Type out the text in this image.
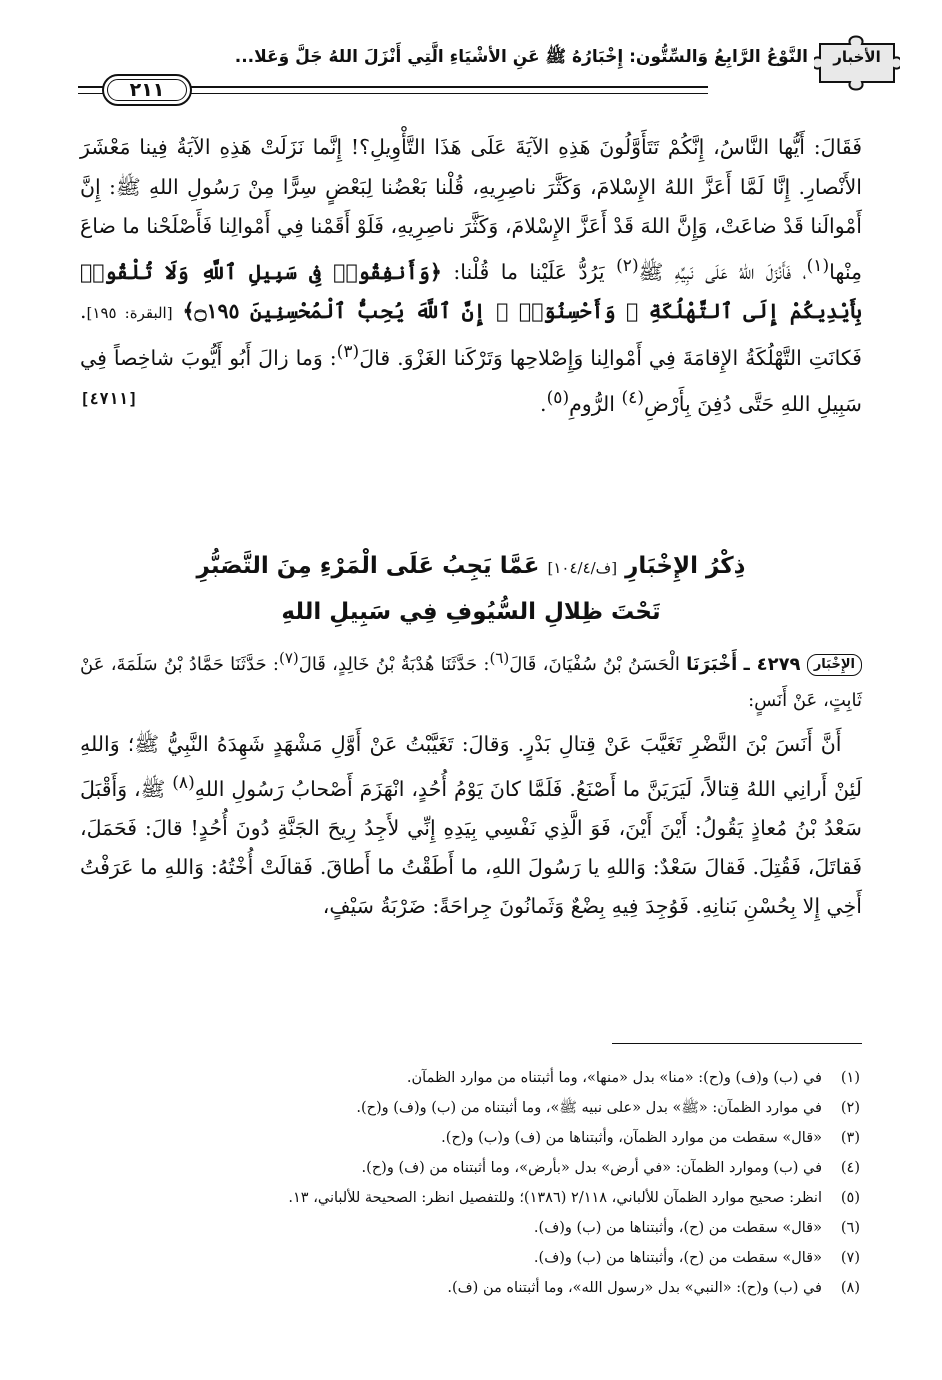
الأخبار
النَّوْعُ الرَّابِعُ وَالسِّتُّون: إِخْبَارُهُ ﷺ عَنِ الأشْيَاءِ الَّتِي أَنْزَلَ اللهُ جَلَّ وَعَلا...
٢١١

فَقَالَ: أَيُّها النَّاسُ، إِنَّكُمْ تَتَأَوَّلُونَ هَذِهِ الآيَةَ عَلَى هَذَا التَّأْوِيلِ؟! إِنَّما نَزَلَتْ هَذِهِ الآيَةُ فِينا مَعْشَرَ الأَنْصارِ. إِنَّا لَمَّا أَعَزَّ اللهُ الإِسْلامَ، وَكَثَّرَ ناصِرِيهِ، قُلْنا بَعْضُنا لِبَعْضٍ سِرًّا مِنْ رَسُولِ اللهِ ﷺ: إِنَّ أَمْوالَنا قَدْ ضاعَتْ، وَإِنَّ اللهَ قَدْ أَعَزَّ الإِسْلامَ، وَكَثَّرَ ناصِرِيهِ، فَلَوْ أَقَمْنا فِي أَمْوالِنا فَأَصْلَحْنا ما ضاعَ مِنْها$^{(١)}$، فَأَنْزَلَ اللهُ عَلَى نَبِيِّهِ ﷺ$^{(٢)}$ يَرُدُّ عَلَيْنا ما قُلْنا: ﴿وَأَنفِقُوا۟ فِى سَبِيلِ ٱللَّهِ وَلَا تُلْقُوا۟ بِأَيْدِيكُمْ إِلَى ٱلتَّهْلُكَةِ ۛ وَأَحْسِنُوٓا۟ ۛ إِنَّ ٱللَّهَ يُحِبُّ ٱلْمُحْسِنِينَ ۝١٩٥﴾ [البقرة: ١٩٥]. فَكانَتِ التَّهْلُكَةُ الإِقامَةَ فِي أَمْوالِنا وَإِصْلاحِها وَتَرْكَنا الغَزْوَ. قالَ$^{(٣)}$: وَما زالَ أَبُو أَيُّوبَ شاخِصاً فِي سَبِيلِ اللهِ حَتَّى دُفِنَ بِأَرْضِ$^{(٤)}$ الرُّومِ$^{(٥)}$.
[٤٧١١]

ذِكْرُ الإِخْبَارِ [ف/١٠٤/٤] عَمَّا يَجِبُ عَلَى الْمَرْءِ مِنَ التَّصَبُّرِ
تَحْتَ ظِلالِ السُّيُوفِ فِي سَبِيلِ اللهِ

الإِخْبَار ٤٢٧٩ ـ أَخْبَرَنَا الْحَسَنُ بْنُ سُفْيَانَ، قَالَ$^{(٦)}$: حَدَّثَنَا هُدْبَةُ بْنُ خَالِدٍ، قَالَ$^{(٧)}$: حَدَّثَنَا حَمَّادُ بْنُ سَلَمَةَ، عَنْ ثَابِتٍ، عَنْ أَنَسٍ:

 أَنَّ أَنَسَ بْنَ النَّضْرِ تَغَيَّبَ عَنْ قِتالِ بَدْرٍ. وَقالَ: تَغَيَّبْتُ عَنْ أَوَّلِ مَشْهَدٍ شَهِدَهُ النَّبِيُّ ﷺ؛ وَاللهِ لَئِنْ أَرانِي اللهُ قِتالاً، لَيَرَيَنَّ ما أَصْنَعُ. فَلَمَّا كانَ يَوْمُ أُحُدٍ، انْهَزَمَ أَصْحابُ رَسُولِ اللهِ$^{(٨)}$ ﷺ، وَأَقْبَلَ سَعْدُ بْنُ مُعاذٍ يَقُولُ: أَيْنَ أَيْنَ، فَوَ الَّذِي نَفْسِي بِيَدِهِ إِنِّي لأَجِدُ رِيحَ الجَنَّةِ دُونَ أُحُدٍ! قالَ: فَحَمَلَ، فَقاتَلَ، فَقُتِلَ. فَقالَ سَعْدٌ: وَاللهِ يا رَسُولَ اللهِ، ما أَطَقْتُ ما أَطاقَ. فَقالَتْ أُخْتُهُ: وَاللهِ ما عَرَفْتُ أَخِي إِلا بِحُسْنِ بَنانِهِ. فَوُجِدَ فِيهِ بِضْعٌ وَثَمانُونَ جِراحَةً: ضَرْبَةُ سَيْفٍ،

(١)
في (ب) و(ف) و(ح): «منا» بدل «منها»، وما أثبتناه من موارد الظمآن.
(٢)
في موارد الظمآن: «ﷺ» بدل «على نبيه ﷺ»، وما أثبتناه من (ب) و(ف) و(ح).
(٣)
«قال» سقطت من موارد الظمآن، وأثبتناها من (ف) و(ب) و(ح).
(٤)
في (ب) وموارد الظمآن: «في أرض» بدل «بأرض»، وما أثبتناه من (ف) و(ح).
(٥)
انظر: صحيح موارد الظمآن للألباني، ٢/١١٨ (١٣٨٦)؛ وللتفصيل انظر: الصحيحة للألباني، ١٣.
(٦)
«قال» سقطت من (ح)، وأثبتناها من (ب) و(ف).
(٧)
«قال» سقطت من (ح)، وأثبتناها من (ب) و(ف).
(٨)
في (ب) و(ح): «النبي» بدل «رسول الله»، وما أثبتناه من (ف).
